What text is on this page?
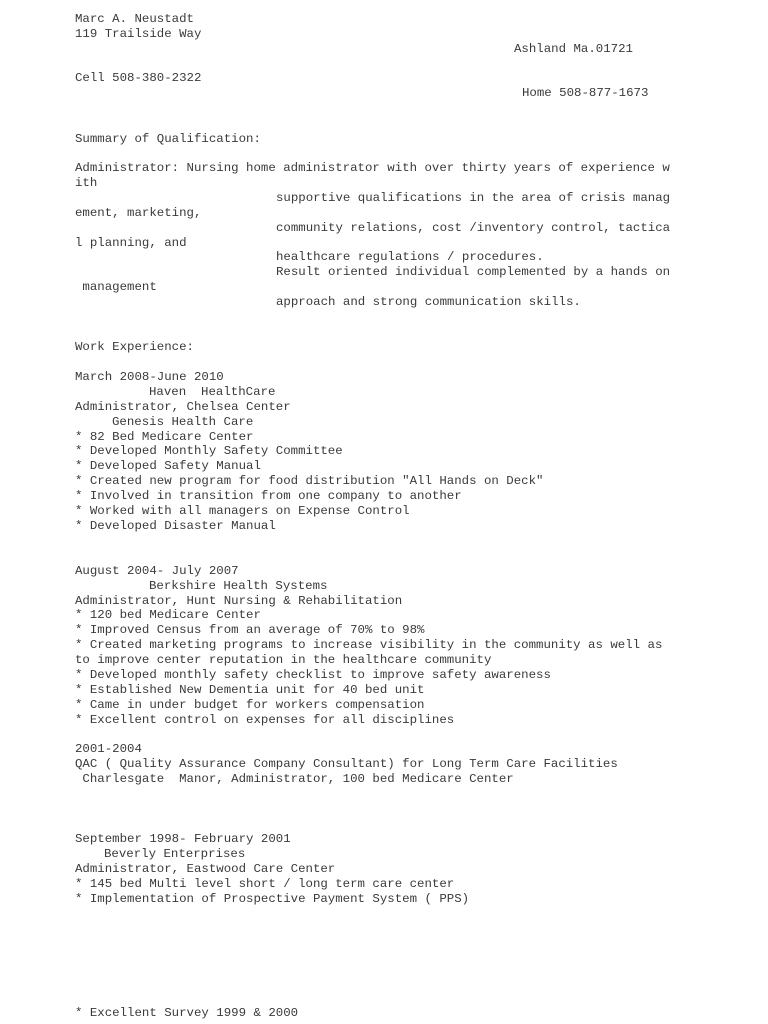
Marc A. Neustadt
119 Trailside Way
Ashland Ma.01721
Cell 508-380-2322
Home 508-877-1673
Summary of Qualification:
Administrator: Nursing home administrator with over thirty years of experience w
ith
supportive qualifications in the area of crisis manag
ement, marketing,
community relations, cost /inventory control, tactica
l planning, and
healthcare regulations / procedures.
Result oriented individual complemented by a hands on
management
approach and strong communication skills.
Work Experience:
March 2008-June 2010
Haven  HealthCare
Administrator, Chelsea Center
Genesis Health Care
* 82 Bed Medicare Center
* Developed Monthly Safety Committee
* Developed Safety Manual
* Created new program for food distribution "All Hands on Deck"
* Involved in transition from one company to another
* Worked with all managers on Expense Control
* Developed Disaster Manual
August 2004- July 2007
Berkshire Health Systems
Administrator, Hunt Nursing & Rehabilitation
* 120 bed Medicare Center
* Improved Census from an average of 70% to 98%
* Created marketing programs to increase visibility in the community as well as
to improve center reputation in the healthcare community
* Developed monthly safety checklist to improve safety awareness
* Established New Dementia unit for 40 bed unit
* Came in under budget for workers compensation
* Excellent control on expenses for all disciplines
2001-2004
QAC ( Quality Assurance Company Consultant) for Long Term Care Facilities
Charlesgate  Manor, Administrator, 100 bed Medicare Center
September 1998- February 2001
Beverly Enterprises
Administrator, Eastwood Care Center
* 145 bed Multi level short / long term care center
* Implementation of Prospective Payment System ( PPS)
* Excellent Survey 1999 & 2000
